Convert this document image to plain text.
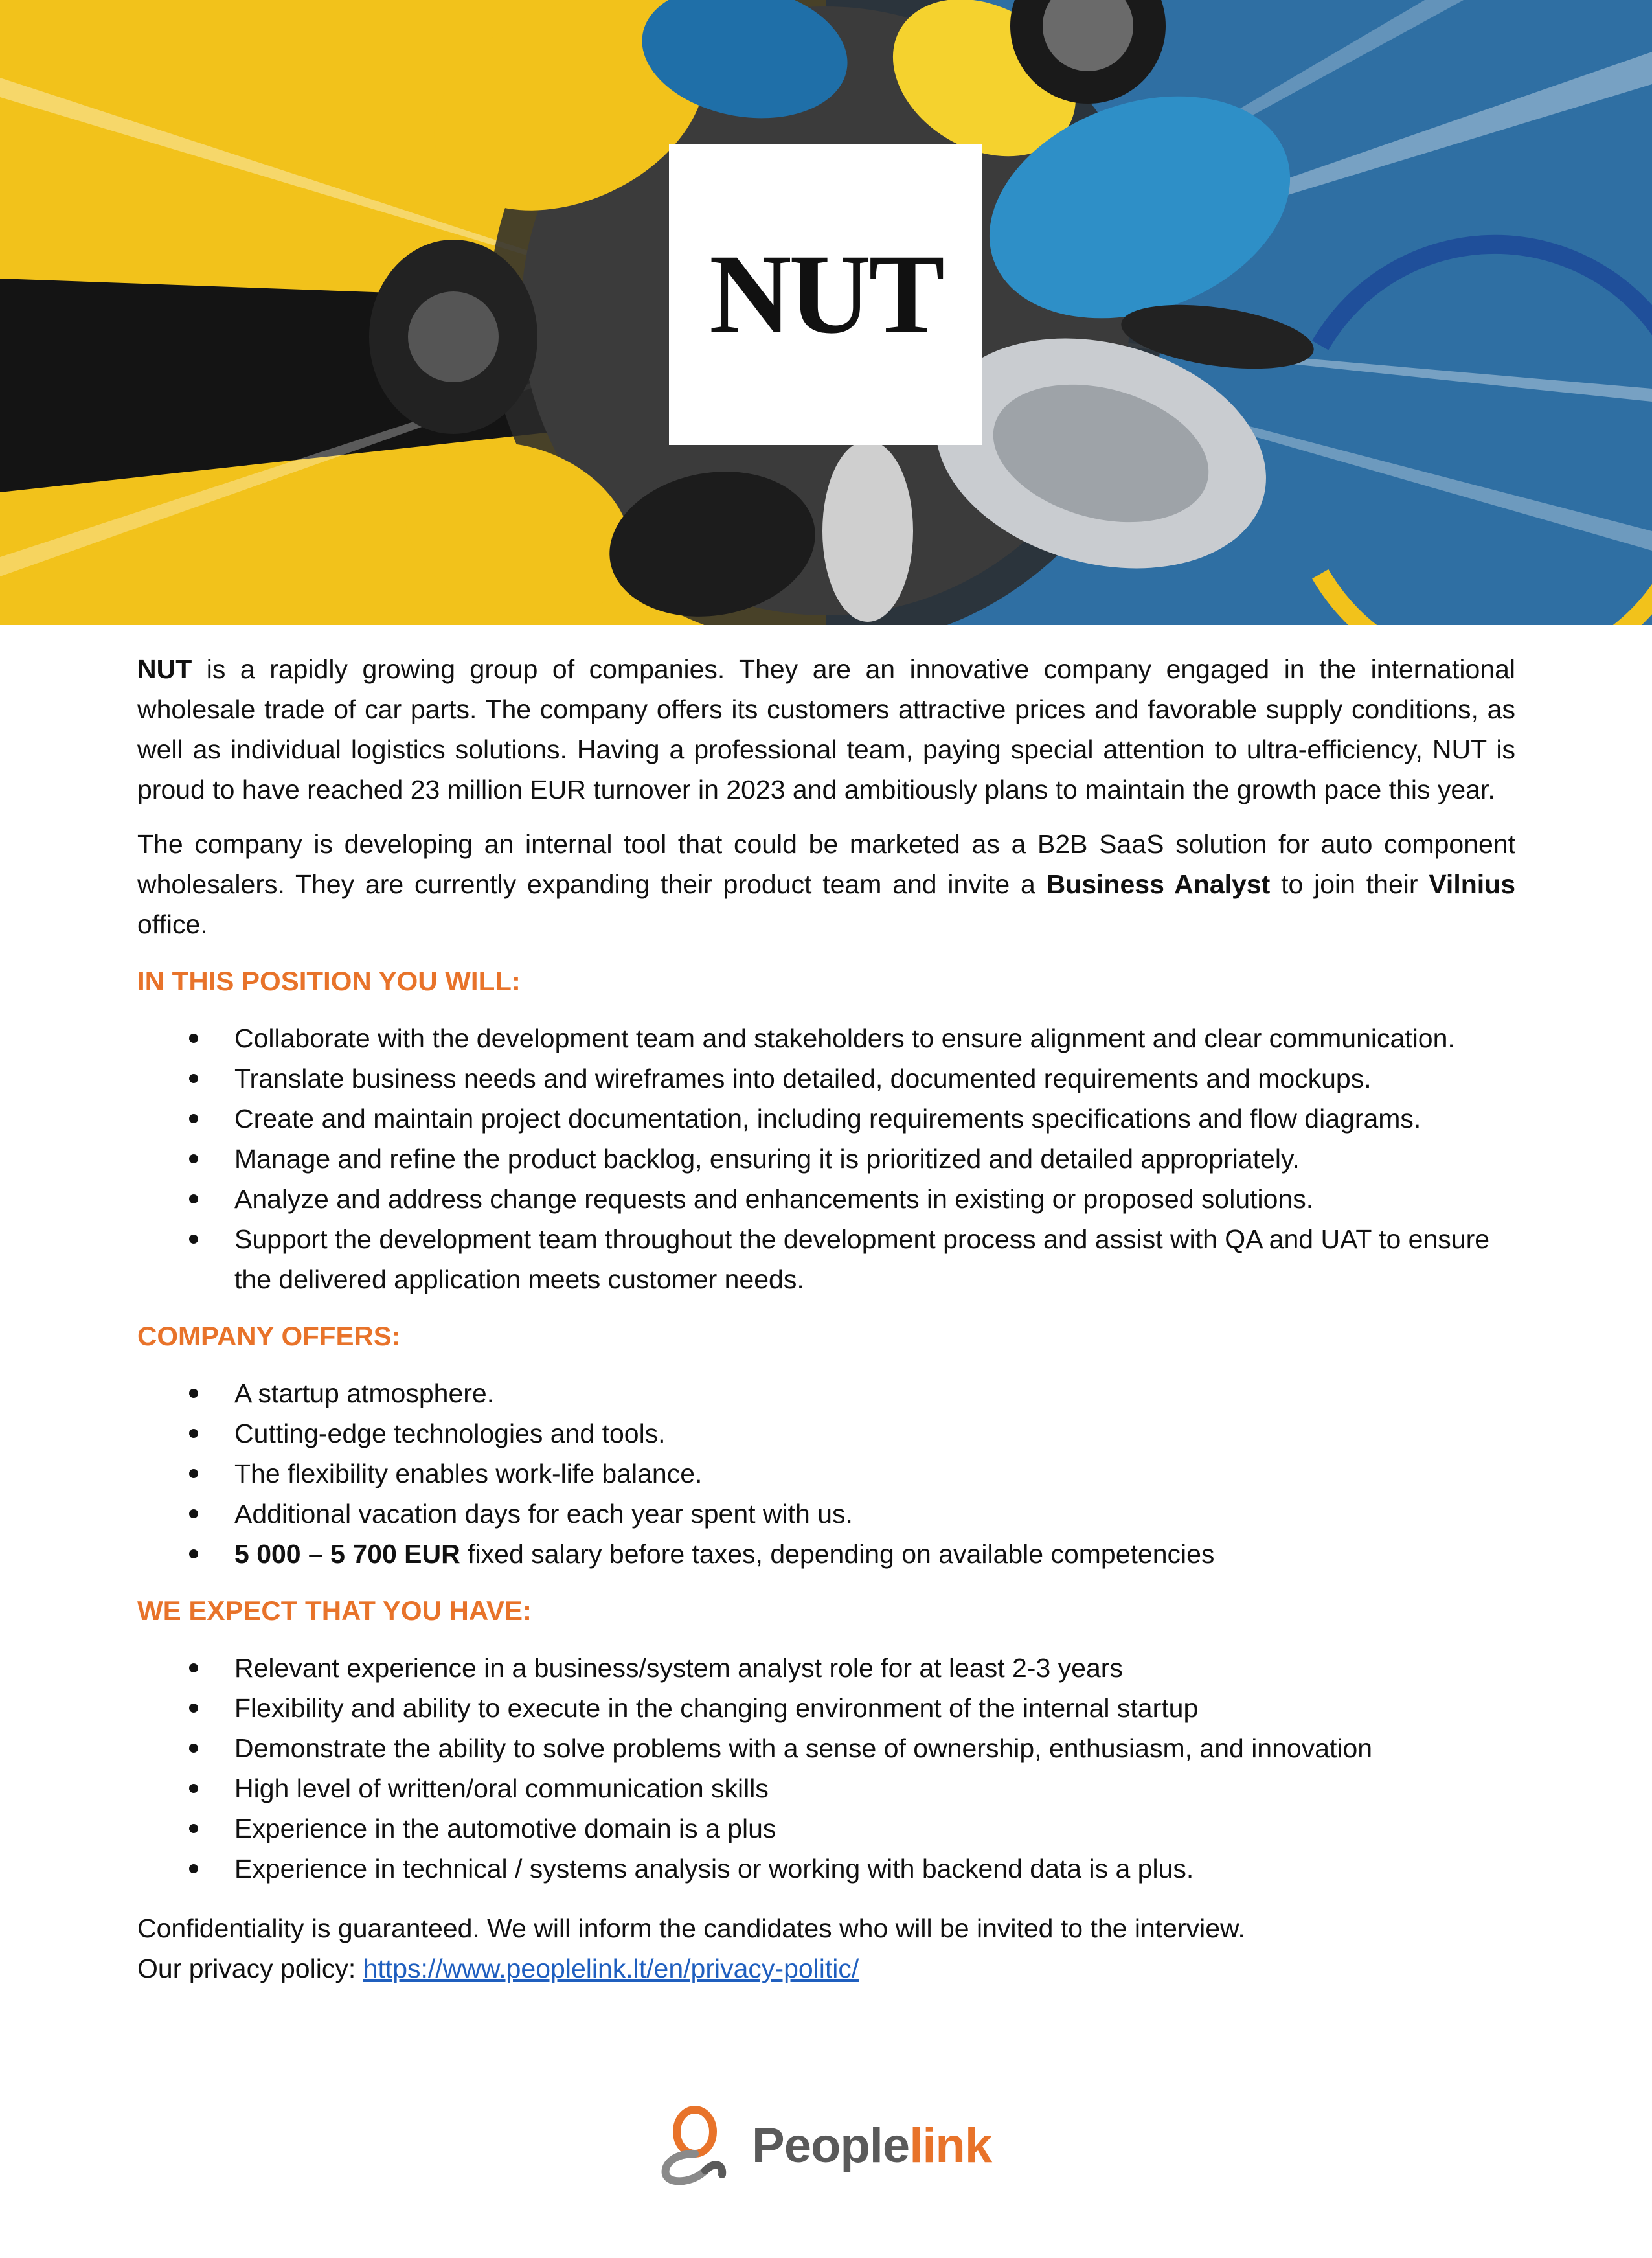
NUT

NUT is a rapidly growing group of companies. They are an innovative company engaged in the international wholesale trade of car parts. The company offers its customers attractive prices and favorable supply conditions, as well as individual logistics solutions. Having a professional team, paying special attention to ultra-efficiency, NUT is proud to have reached 23 million EUR turnover in 2023 and ambitiously plans to maintain the growth pace this year.

The company is developing an internal tool that could be marketed as a B2B SaaS solution for auto component wholesalers. They are currently expanding their product team and invite a Business Analyst to join their Vilnius office.

IN THIS POSITION YOU WILL:
Collaborate with the development team and stakeholders to ensure alignment and clear communication.
Translate business needs and wireframes into detailed, documented requirements and mockups.
Create and maintain project documentation, including requirements specifications and flow diagrams.
Manage and refine the product backlog, ensuring it is prioritized and detailed appropriately.
Analyze and address change requests and enhancements in existing or proposed solutions.
Support the development team throughout the development process and assist with QA and UAT to ensure the delivered application meets customer needs.
COMPANY OFFERS:
A startup atmosphere.
Cutting-edge technologies and tools.
The flexibility enables work-life balance.
Additional vacation days for each year spent with us.
5 000 – 5 700 EUR fixed salary before taxes, depending on available competencies
WE EXPECT THAT YOU HAVE:
Relevant experience in a business/system analyst role for at least 2-3 years
Flexibility and ability to execute in the changing environment of the internal startup
Demonstrate the ability to solve problems with a sense of ownership, enthusiasm, and innovation
High level of written/oral communication skills
Experience in the automotive domain is a plus
Experience in technical / systems analysis or working with backend data is a plus.
Confidentiality is guaranteed. We will inform the candidates who will be invited to the interview.
Our privacy policy: https://www.peoplelink.lt/en/privacy-politic/
Peoplelink
